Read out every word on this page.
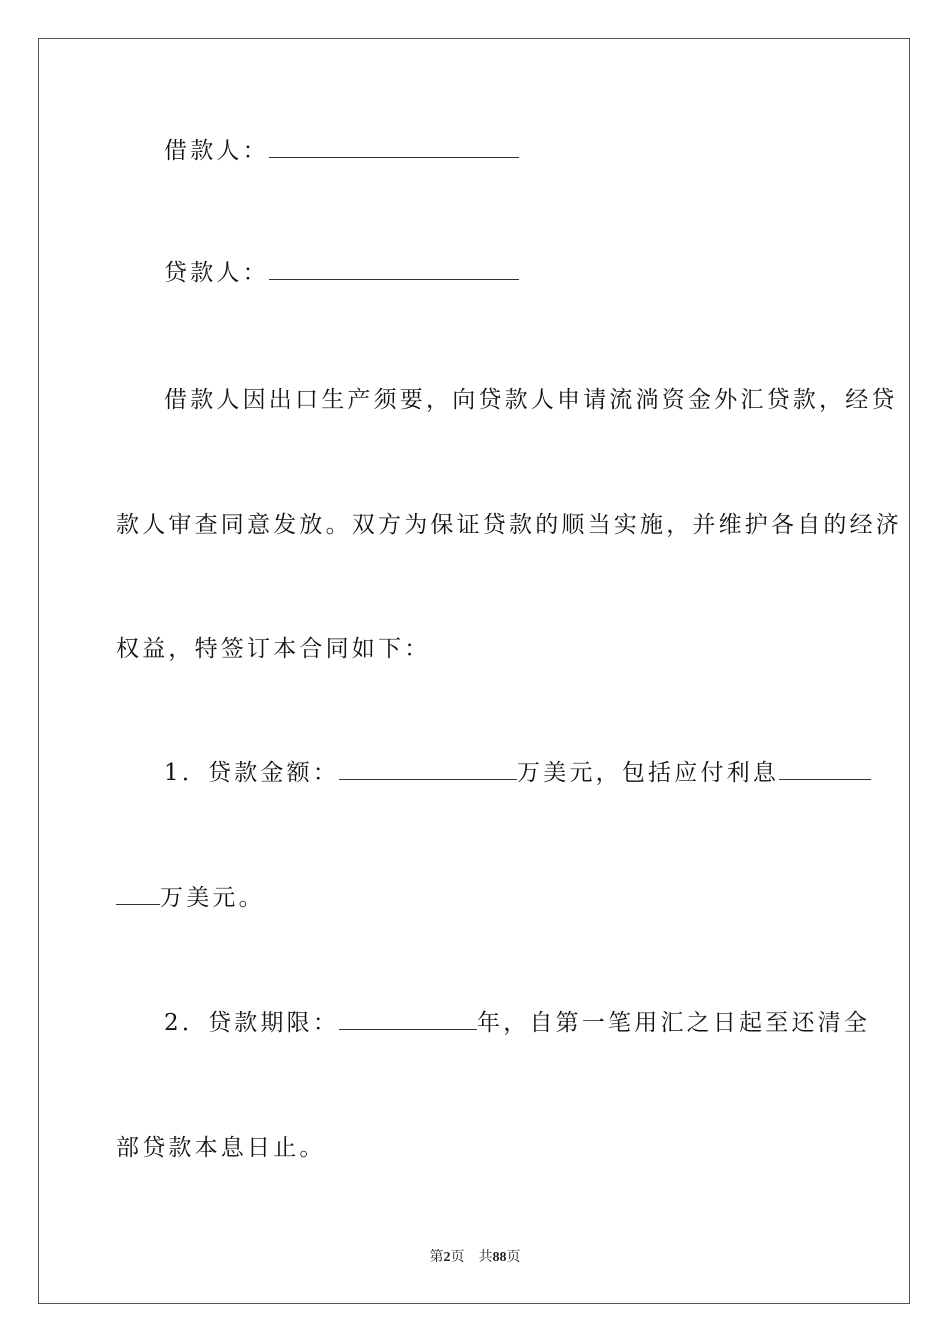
借款人：
贷款人：
借款人因出口生产须要，向贷款人申请流淌资金外汇贷款，经贷
款人审查同意发放。双方为保证贷款的顺当实施，并维护各自的经济
权益，特签订本合同如下：
1．贷款金额：	万美元，包括应付利息
万美元。
2．贷款期限：	年，自第一笔用汇之日起至还清全
部贷款本息日止。
第2页　共88页
